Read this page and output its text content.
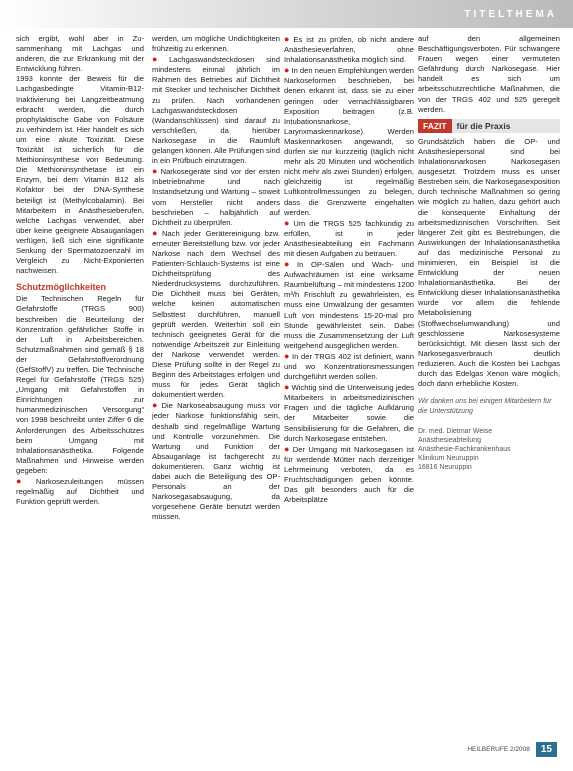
TITELTHEMA

sich ergibt, wohl aber in Zu-sammenhang mit Lachgas und anderen, die zur Erkrankung mit der Entwicklung führen.

1993 konnte der Beweis für die Lachgasbedingte Vitamin-B12-Inaktivierung bei Langzeitbeatmung erbracht werden, die durch prophylaktische Gabe von Folsäure zu verhindern ist. Hier handelt es sich um eine akute Toxizität. Diese Toxizität ist sicherlich für die Methioninsynthese von Bedeutung. Die Methioninsynthetase ist ein Enzym, bei dem Vitamin B12 als Kofaktor bei der DNA-Synthese beteiligt ist (Methylcobalamin). Bei Mitarbeitern in Anästhesieberufen, welche Lachgas verwendet, aber über keine geeignete Absauganlagen verfügen, ließ sich eine signifikante Senkung der Spermatozoenzahl im Vergleich zu Nicht-Exponierten nachweisen.

Schutzmöglichkeiten

Die Technischen Regeln für Gefahrstoffe (TRGS 900) beschreiben die Beurteilung der Konzentration gefährlicher Stoffe in der Luft in Arbeitsbereichen. Schutzmaßnahmen sind gemäß § 18 der Gefahrstoffverordnung (GefStoffV) zu treffen. Die Technische Regel für Gefahrstoffe (TRGS 525) „Umgang mit Gefahrstoffen in Einrichtungen zur humanmedizinischen Versorgung“ von 1998 beschreibt unter Ziffer 6 die Anforderungen des Arbeitsschutzes beim Umgang mit Inhalationsanästhetika. Folgende Maßnahmen und Hinweise werden gegeben:

● Narkosezuleitungen müssen regelmäßig auf Dichtheit und Funktion geprüft werden.

werden, um mögliche Undichtigkeiten frühzeitig zu erkennen.

● Lachgaswandsteckdosen sind mindestens einmal jährlich im Rahmen des Betriebes auf Dichtheit mit Stecker und technischer Dichtheit zu prüfen. Nach vorhandenen Lachgaswandsteckdosen (Wandanschlüssen) sind darauf zu verschließen, da hierüber Narkosegase in die Raumluft gelangen können. Alle Prüfungen sind in ein Prüfbuch einzutragen.

● Narkosegeräte sind vor der ersten Inbetriebnahme und nach Instandsetzung und Wartung – soweit vom Hersteller nicht anders beschrieben – halbjährlich auf Dichtheit zu überprüfen.

● Nach jeder Gerätereinigung bzw. erneuter Bereitstellung bzw. vor jeder Narkose nach dem Wechsel des Patienten-Schlauch-Systems ist eine Dichtheitsprüfung des Niederdrucksystems durchzuführen. Die Dichtheit muss bei Geräten, welche keinen automatischen Selbsttest durchführen, manuell geprüft werden. Weiterhin soll ein technisch geeignetes Gerät für die notwendige Arbeitszeit zur Einleitung der Narkose verwendet werden. Diese Prüfung sollte in der Regel zu Beginn des Arbeitstages erfolgen und muss für jedes Gerät täglich dokumentiert werden.

● Die Narkoseabsaugung muss vor jeder Narkose funktionsfähig sein, deshalb sind regelmäßige Wartung und Kontrolle vorzunehmen. Die Wartung und Funktion der Absauganlage ist fachgerecht zu dokumentieren. Ganz wichtig ist dabei auch die Beteiligung des OP-Personals an der Narkosegasabsaugung, da vorgesehene Geräte benutzt werden müssen.

● Es ist zu prüfen, ob nicht andere Anästhesieverfahren, ohne Inhalationsanästhetika möglich sind.

● In den neuen Empfehlungen werden Narkoseformen beschrieben, bei denen erkannt ist, dass sie zu einer geringen oder vernachlässigbaren Exposition beitragen (z.B. Intubationsnarkose, Larynxmaskennarkose). Werden Maskennarkosen angewandt, so dürfen sie nur kurzzeitig (täglich nicht mehr als 20 Minuten und wöchentlich nicht mehr als zwei Stunden) erfolgen, gleichzeitig ist regelmäßig Luftkontrollmessungen zu belegen, dass die Grenzwerte eingehalten werden.

● Um die TRGS 525 fachkundig zu erfüllen, ist in jeder Anästhesieabteilung ein Fachmann mit diesen Aufgaben zu betrauen.

● In OP-Sälen und Wach- und Aufwachräumen ist eine wirksame Raumbelüftung – mit mindestens 1200 m³/h Frischluft zu gewährleisten, es muss eine Umwälzung der gesamten Luft von mindestens 15-20-mal pro Stunde gewährleistet sein. Dabei muss die Zusammensetzung der Luft weitgehend ausgeglichen werden.

● In der TRGS 402 ist definiert, wann und wo Konzentrationsmessungen durchgeführt werden sollen.

● Wichtig sind die Unterweisung jedes Mitarbeiters in arbeitsmedizinischen Fragen und die tägliche Aufklärung der Mitarbeiter sowie die Sensibilisierung für die Gefahren, die durch Narkosegase entstehen.

● Der Umgang mit Narkosegasen ist für werdende Mütter nach derzeitiger Lehrmeinung verboten, da es Fruchtschädigungen geben könnte. Das gilt besonders auch für die Arbeitsplätze

auf den allgemeinen Beschäftigungsverboten. Für schwangere Frauen wegen einer vermuteten Gefährdung durch Narkosegase. Hier handelt es sich um arbeitsschutzrechtliche Maßnahmen, die von der TRGS 402 und 525 geregelt werden.

FAZIT	für die Praxis

Grundsätzlich haben die OP- und Anästhesiepersonal sind bei Inhalationsnarkosen Narkosegasen ausgesetzt. Trotzdem muss es unser Bestreben sein, die Narkosegasexposition durch technische Maßnahmen so gering wie möglich zu halten, dazu gehört auch die konsequente Einhaltung der arbeitsmedizinischen Vorschriften. Seit längerer Zeit gibt es Bestrebungen, die Auswirkungen der Inhalationsanästhetika auf das medizinische Personal zu minimieren, ein Beispiel ist die Entwicklung der neuen Inhalationsanästhetika. Bei der Entwicklung dieser Inhalationsanästhetika wurde vor allem die fehlende Metabolisierung (Stoffwechselumwandlung) und geschlossene Narkosesysteme berücksichtigt. Mit diesen lässt sich der Narkosegasverbrauch deutlich reduzieren. Auch die Kosten bei Lachgas durch das Edelgas Xenon wäre möglich, doch dann erhebliche Kosten.

Wir danken uns bei einigen Mitarbeitern für die Unterstützung
Dr. med. Dietmar Weise
Anästhesieabteilung
Anästhesie-Fachkrankenhaus
Klinikum Neuruppin
16816 Neuruppin
HEILBERUFE 2/2008	15
